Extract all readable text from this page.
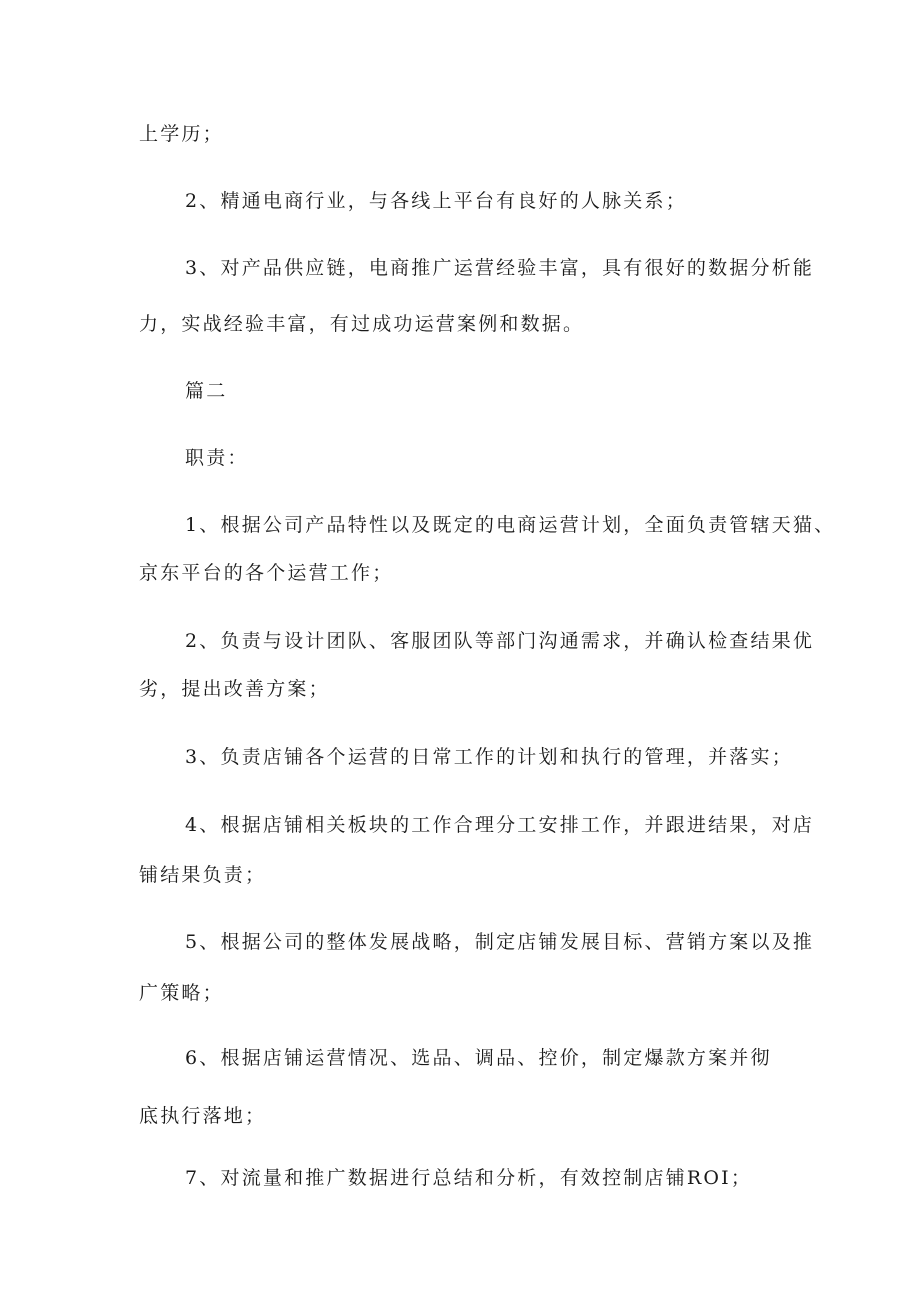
上学历；
2、精通电商行业，与各线上平台有良好的人脉关系；
3、对产品供应链，电商推广运营经验丰富，具有很好的数据分析能
力，实战经验丰富，有过成功运营案例和数据。
篇二
职责：
1、根据公司产品特性以及既定的电商运营计划，全面负责管辖天猫、
京东平台的各个运营工作；
2、负责与设计团队、客服团队等部门沟通需求，并确认检查结果优
劣，提出改善方案；
3、负责店铺各个运营的日常工作的计划和执行的管理，并落实；
4、根据店铺相关板块的工作合理分工安排工作，并跟进结果，对店
铺结果负责；
5、根据公司的整体发展战略，制定店铺发展目标、营销方案以及推
广策略；
6、根据店铺运营情况、选品、调品、控价，制定爆款方案并彻
底执行落地；
7、对流量和推广数据进行总结和分析，有效控制店铺ROI；
